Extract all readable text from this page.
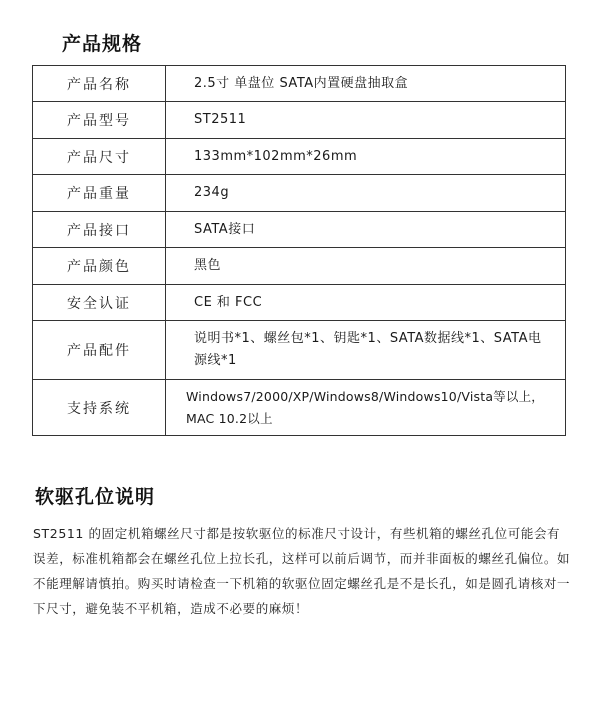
产品规格
产品名称	2.5寸 单盘位 SATA内置硬盘抽取盒
产品型号	ST2511
产品尺寸	133mm*102mm*26mm
产品重量	234g
产品接口	SATA接口
产品颜色	黑色
安全认证	CE 和 FCC
产品配件	说明书*1、螺丝包*1、钥匙*1、SATA数据线*1、SATA电源线*1
支持系统	Windows7/2000/XP/Windows8/Windows10/Vista等以上，MAC 10.2以上
软驱孔位说明

ST2511 的固定机箱螺丝尺寸都是按软驱位的标准尺寸设计，有些机箱的螺丝孔位可能会有误差，标准机箱都会在螺丝孔位上拉长孔，这样可以前后调节，而并非面板的螺丝孔偏位。如不能理解请慎拍。购买时请检查一下机箱的软驱位固定螺丝孔是不是长孔，如是圆孔请核对一下尺寸，避免装不平机箱，造成不必要的麻烦！
